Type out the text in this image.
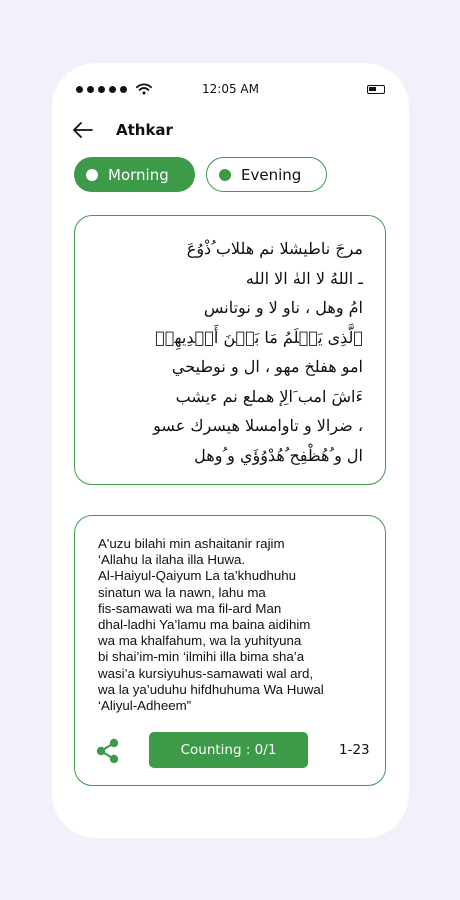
12:05 AM
Athkar
Morning	Evening
مرجَ ناطيشلا نم هللاب ُذْوُعَ
ـ اللهُ لا الهٰ الا الله
امُ وهل ، ناو لا و نوتانس
ٱلَّذِى يَعۡلَمُ مَا بَيۡنَ أَيۡدِيهِمۡ
امو هفلخ مهو ، ال و نوطيحي
ءَاشَ امب َالِإ هملع نم ءيشب
، ضرالا و تاوامسلا هيسرك عسو
ال و ُهُظْفِح ُهُدْوُؤَي و ُوهل
A'uzu bilahi min ashaitanir rajim
‘Allahu la ilaha illa Huwa.
Al-Haiyul-Qaiyum La ta’khudhuhu
sinatun wa la nawn, lahu ma
fis-samawati wa ma fil-ard Man
dhal-ladhi Ya’lamu ma baina aidihim
wa ma khalfahum, wa la yuhityuna
bi shai’im-min ‘ilmihi illa bima sha’a
wasi’a kursiyuhus-samawati wal ard,
wa la ya’uduhu hifdhuhuma Wa Huwal
‘Aliyul-Adheem”
Counting : 0/1	1-23
